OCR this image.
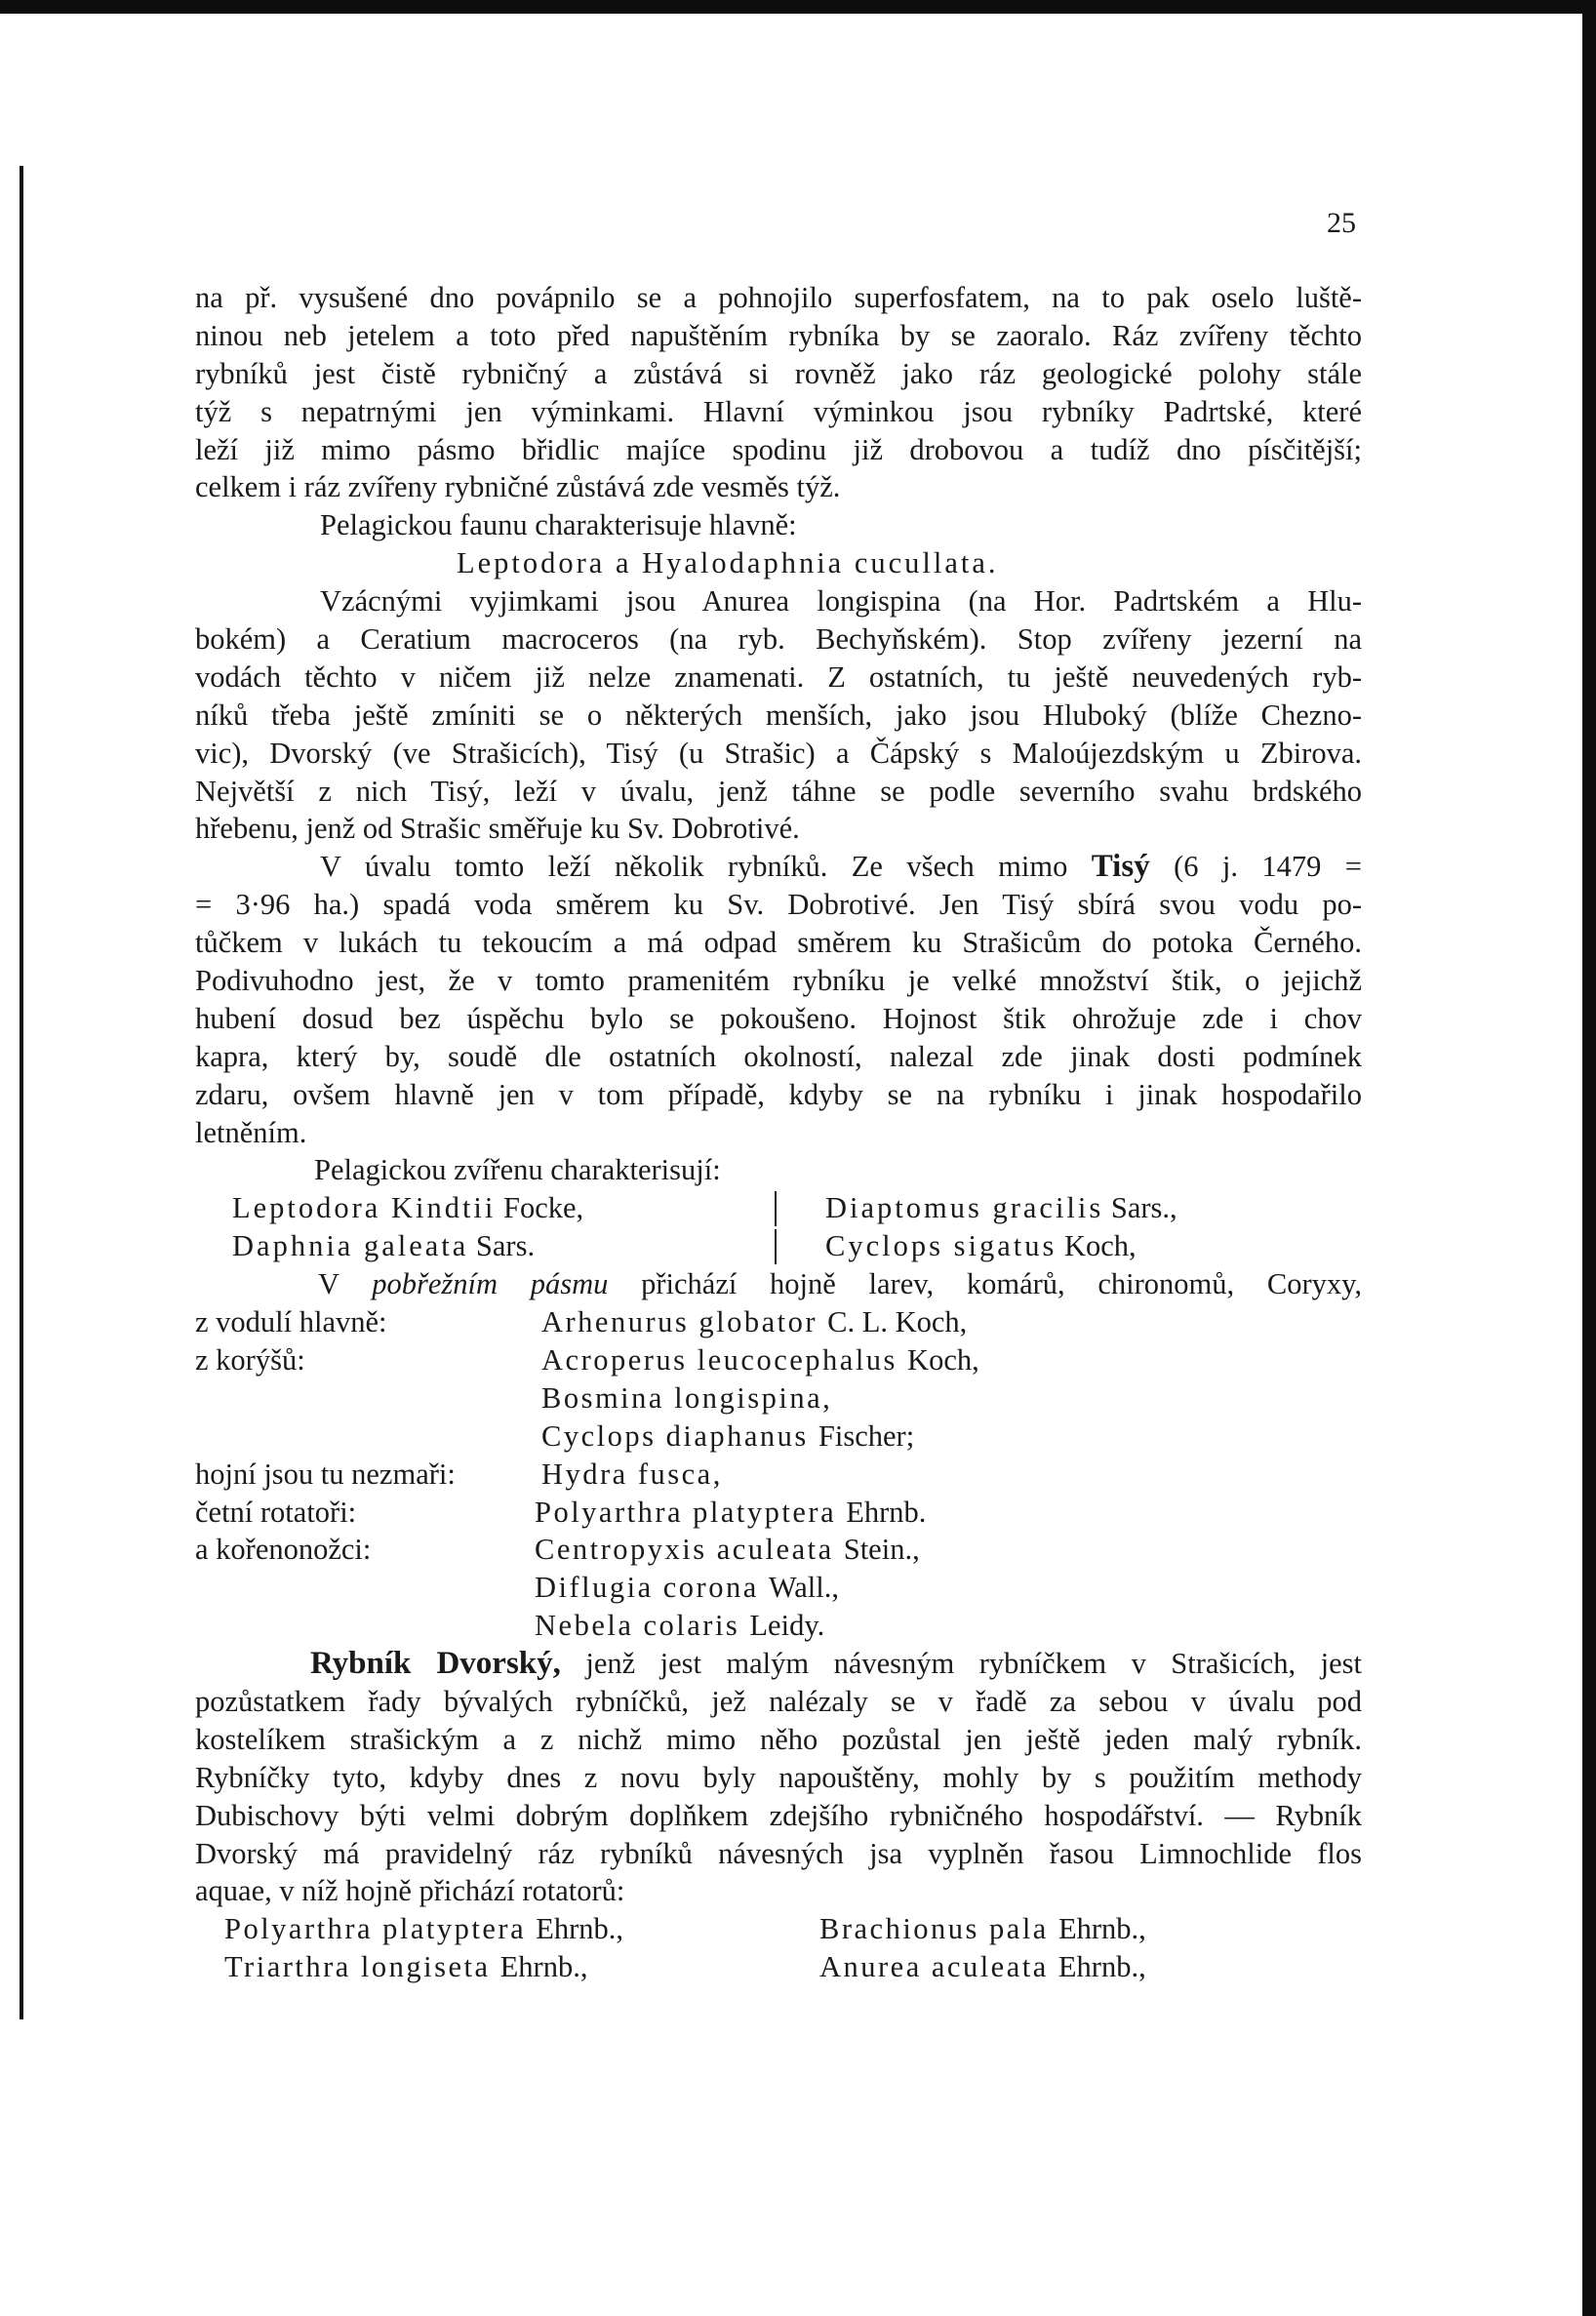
25
na př. vysušené dno povápnilo se a pohnojilo superfosfatem, na to pak oselo luště-
ninou neb jetelem a toto před napuštěním rybníka by se zaoralo. Ráz zvířeny těchto
rybníků jest čistě rybničný a zůstává si rovněž jako ráz geologické polohy stále
týž s nepatrnými jen výminkami. Hlavní výminkou jsou rybníky Padrtské, které
leží již mimo pásmo břidlic majíce spodinu již drobovou a tudíž dno písčitější;
celkem i ráz zvířeny rybničné zůstává zde vesměs týž.
Pelagickou faunu charakterisuje hlavně:
Leptodora a Hyalodaphnia cucullata.
Vzácnými vyjimkami jsou Anurea longispina (na Hor. Padrtském a Hlu-
bokém) a Ceratium macroceros (na ryb. Bechyňském). Stop zvířeny jezerní na
vodách těchto v ničem již nelze znamenati. Z ostatních, tu ještě neuvedených ryb-
níků třeba ještě zmíniti se o některých menších, jako jsou Hluboký (blíže Cheznо-
vic), Dvorský (ve Strašicích), Tisý (u Strašic) a Čápský s Maloújezdským u Zbirova.
Největší z nich Tisý, leží v úvalu, jenž táhne se podle severního svahu brdského
hřebenu, jenž od Strašic směřuje ku Sv. Dobrotivé.
V úvalu tomto leží několik rybníků. Ze všech mimo Tisý (6 j. 1479 =
= 3·96 ha.) spadá voda směrem ku Sv. Dobrotivé. Jen Tisý sbírá svou vodu po-
tůčkem v lukách tu tekoucím a má odpad směrem ku Strašicům do potoka Černého.
Podivuhodno jest, že v tomto pramenitém rybníku je velké množství štik, o jejichž
hubení dosud bez úspěchu bylo se pokoušeno. Hojnost štik ohrožuje zde i chov
kapra, který by, soudě dle ostatních okolností, nalezal zde jinak dosti podmínek
zdaru, ovšem hlavně jen v tom případě, kdyby se na rybníku i jinak hospodařilo
letněním.
Pelagickou zvířenu charakterisují:
Leptodora Kindtii Focke,	Diaptomus gracilis Sars.,
Daphnia galeata Sars.	Cyclops sigatus Koch,
V pobřežním pásmu přichází hojně larev, komárů, chironomů, Coryxy,
z vodulí hlavně:	Arhenurus globator C. L. Koch,
z korýšů:	Acroperus leucocephalus Koch,
Bosmina longispina,
Cyclops diaphanus Fischer;
hojní jsou tu nezmaři:	Hydra fusca,
četní rotatoři:	Polyarthra platyptera Ehrnb.
a kořenonožci:	Centropyxis aculeata Stein.,
Diflugia corona Wall.,
Nebela colaris Leidy.
Rybník Dvorský, jenž jest malým návesným rybníčkem v Strašicích, jest
pozůstatkem řady bývalých rybníčků, jež nalézaly se v řadě za sebou v úvalu pod
kostelíkem strašickým a z nichž mimo něho pozůstal jen ještě jeden malý rybník.
Rybníčky tyto, kdyby dnes z novu byly napouštěny, mohly by s použitím methody
Dubischovy býti velmi dobrým doplňkem zdejšího rybničného hospodářství. — Rybník
Dvorský má pravidelný ráz rybníků návesných jsa vyplněn řasou Limnochlide flos
aquae, v níž hojně přichází rotatorů:
Polyarthra platyptera Ehrnb.,	Brachionus pala Ehrnb.,
Triarthra longiseta Ehrnb.,	Anurea aculeata Ehrnb.,
